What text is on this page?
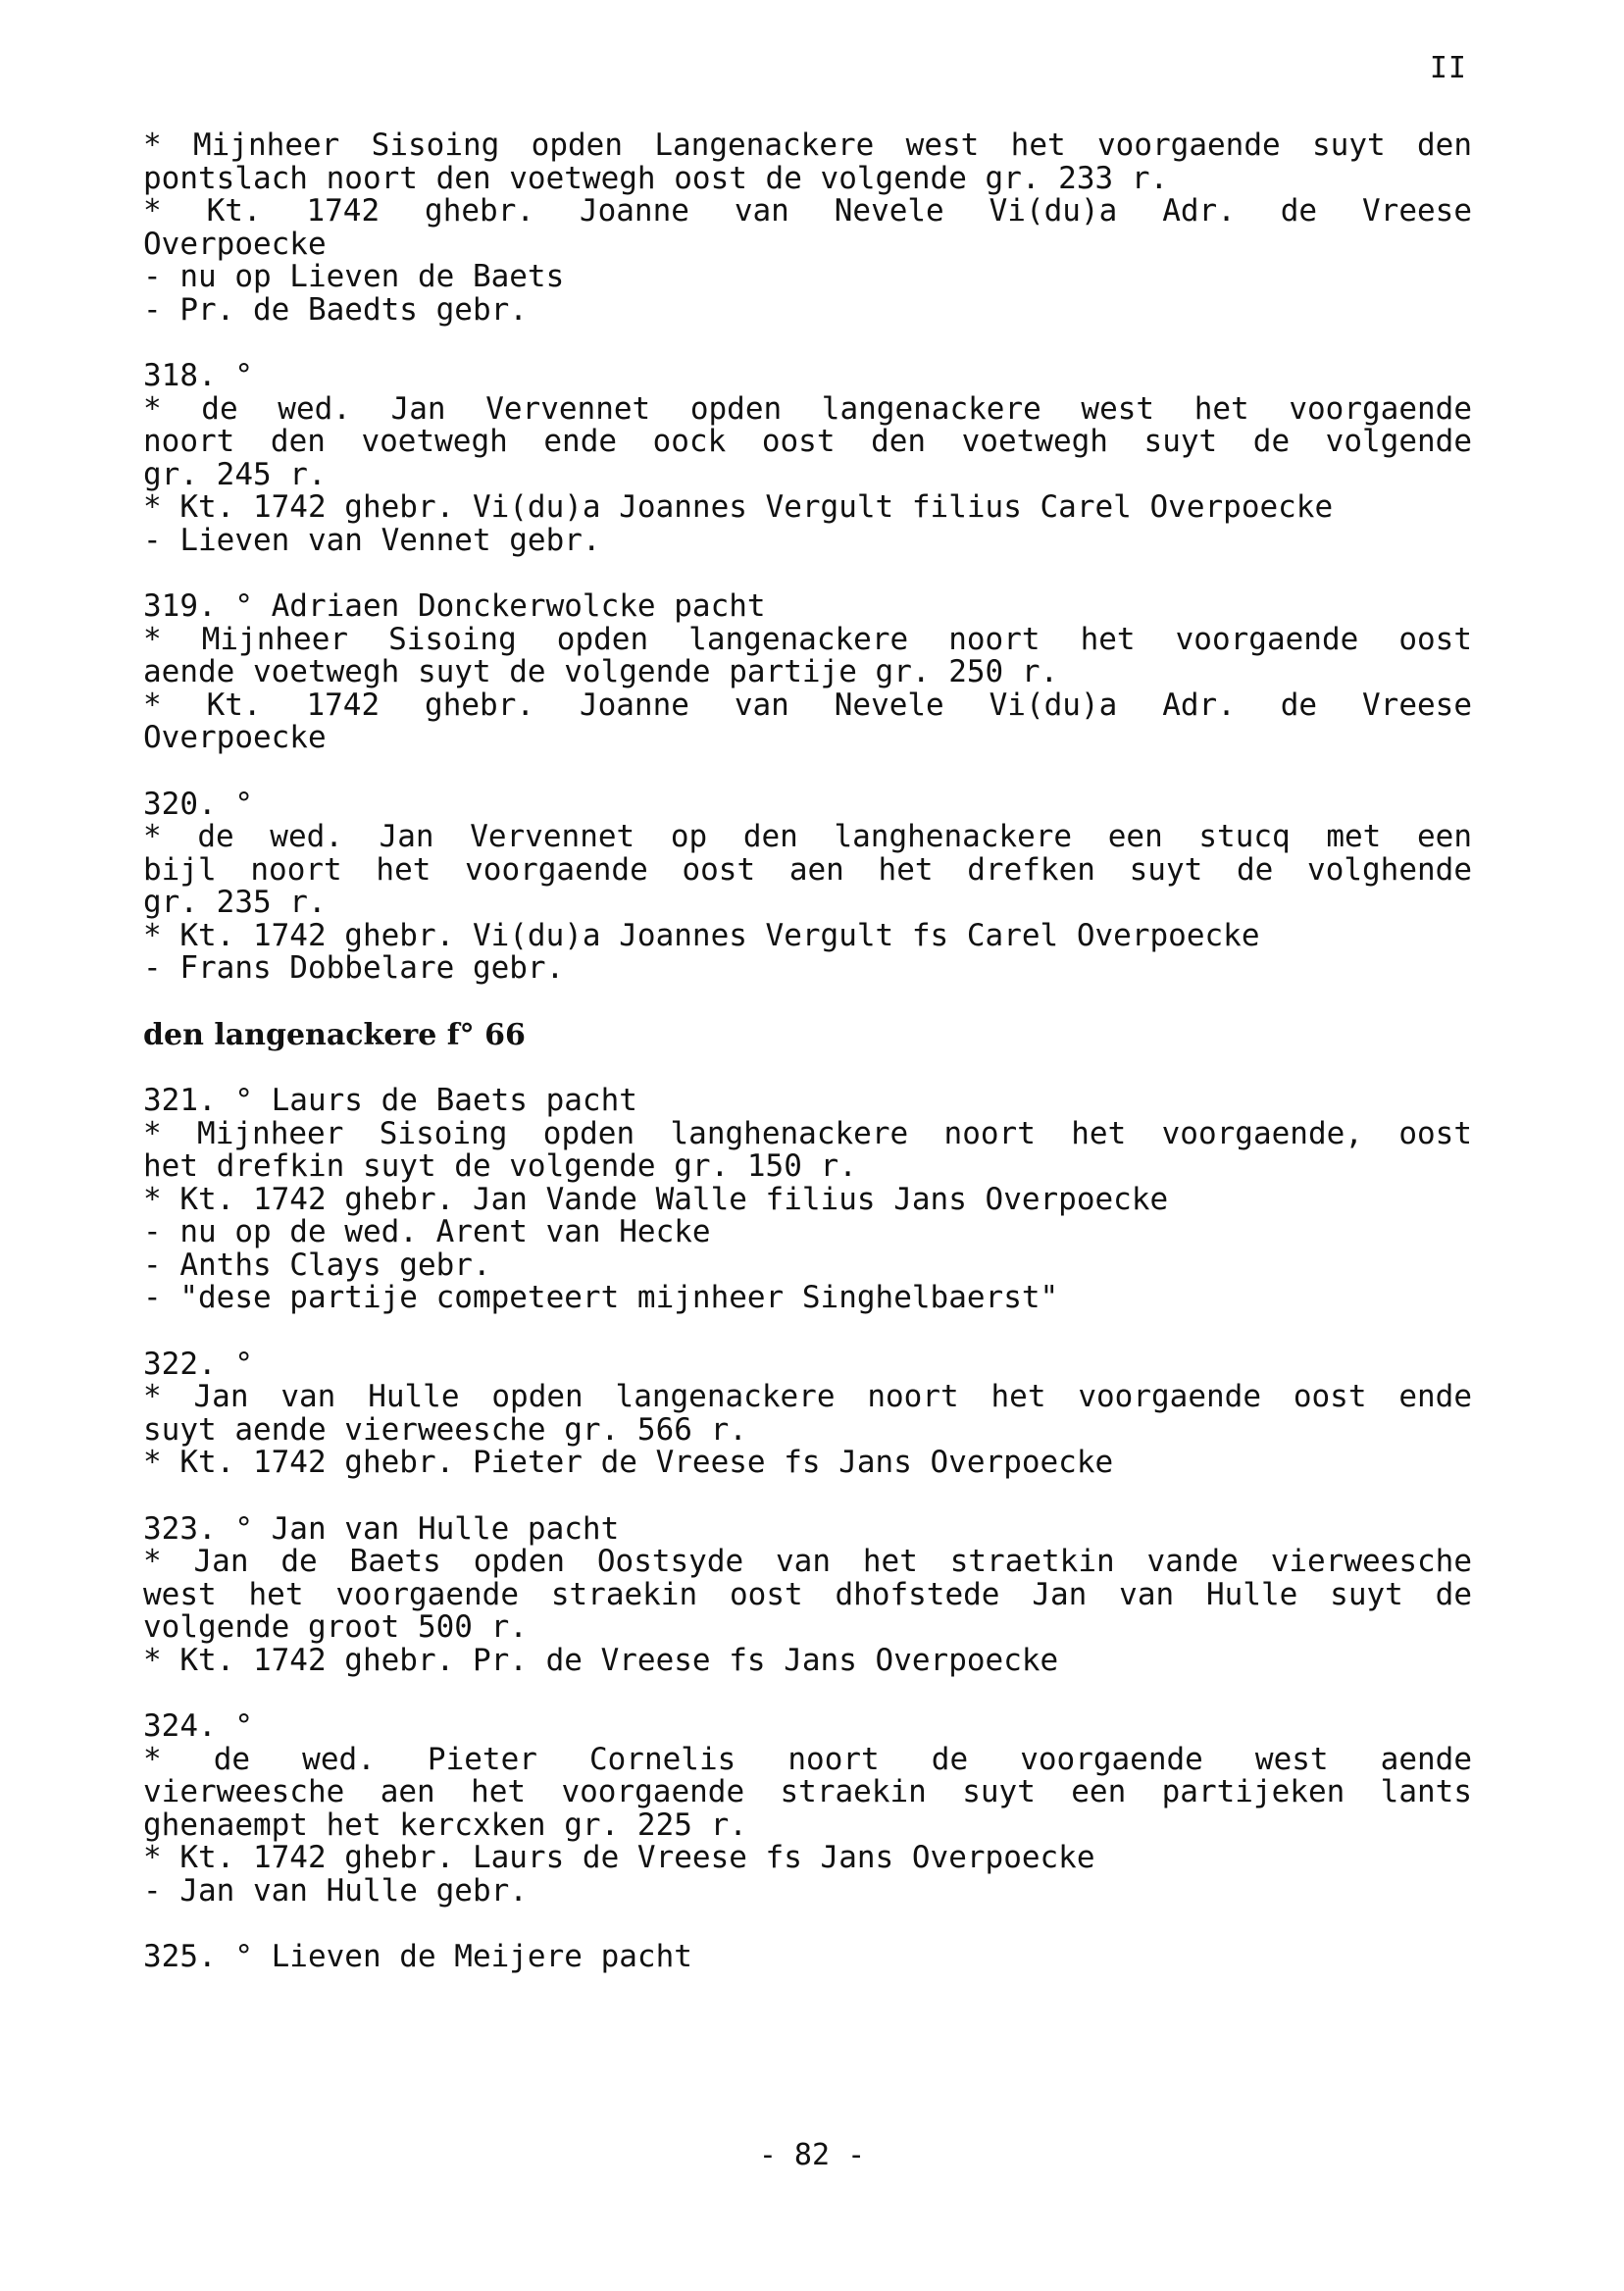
II
* Mijnheer Sisoing opden Langenackere west het voorgaende suyt den
pontslach noort den voetwegh oost de volgende gr. 233 r.
* Kt. 1742 ghebr. Joanne van Nevele Vi(du)a Adr. de Vreese
Overpoecke
- nu op Lieven de Baets
- Pr. de Baedts gebr.
318. °
* de wed. Jan Vervennet opden langenackere west het voorgaende
noort den voetwegh ende oock oost den voetwegh suyt de volgende
gr. 245 r.
* Kt. 1742 ghebr. Vi(du)a Joannes Vergult filius Carel Overpoecke
- Lieven van Vennet gebr.
319. ° Adriaen Donckerwolcke pacht
* Mijnheer Sisoing opden langenackere noort het voorgaende oost
aende voetwegh suyt de volgende partije gr. 250 r.
* Kt. 1742 ghebr. Joanne van Nevele Vi(du)a Adr. de Vreese
Overpoecke
320. °
* de wed. Jan Vervennet op den langhenackere een stucq met een
bijl noort het voorgaende oost aen het drefken suyt de volghende
gr. 235 r.
* Kt. 1742 ghebr. Vi(du)a Joannes Vergult fs Carel Overpoecke
- Frans Dobbelare gebr.
den langenackere f° 66
321. ° Laurs de Baets pacht
* Mijnheer Sisoing opden langhenackere noort het voorgaende, oost
het drefkin suyt de volgende gr. 150 r.
* Kt. 1742 ghebr. Jan Vande Walle filius Jans Overpoecke
- nu op de wed. Arent van Hecke
- Anths Clays gebr.
- "dese partije competeert mijnheer Singhelbaerst"
322. °
* Jan van Hulle opden langenackere noort het voorgaende oost ende
suyt aende vierweesche gr. 566 r.
* Kt. 1742 ghebr. Pieter de Vreese fs Jans Overpoecke
323. ° Jan van Hulle pacht
* Jan de Baets opden Oostsyde van het straetkin vande vierweesche
west het voorgaende straekin oost dhofstede Jan van Hulle suyt de
volgende groot 500 r.
* Kt. 1742 ghebr. Pr. de Vreese fs Jans Overpoecke
324. °
* de wed. Pieter Cornelis noort de voorgaende west aende
vierweesche aen het voorgaende straekin suyt een partijeken lants
ghenaempt het kercxken gr. 225 r.
* Kt. 1742 ghebr. Laurs de Vreese fs Jans Overpoecke
- Jan van Hulle gebr.
325. ° Lieven de Meijere pacht
- 82 -
